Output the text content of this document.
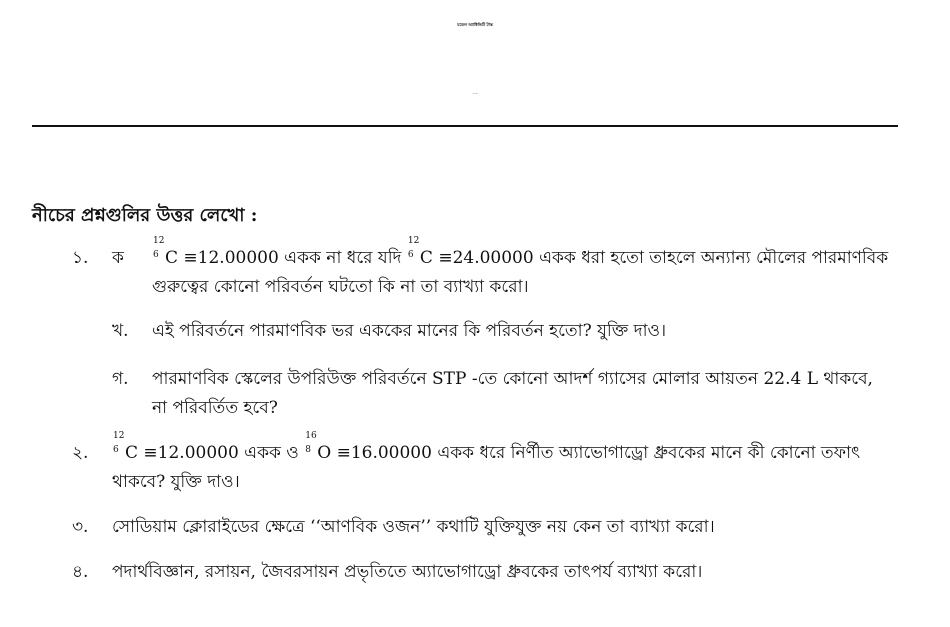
মডেল অ্যাক্টিভিটি টাস্ক
একাদশ শ্রেণি
নীচের প্রশ্নগুলির উত্তর লেখো :
১. ক
12
6 C ≡12.00000 একক না ধরে যদি
12
6 C ≡24.00000 একক ধরা হতো তাহলে অন্যান্য মৌলের পারমাণবিক
গুরুত্বের কোনো পরিবর্তন ঘটতো কি না তা ব্যাখ্যা করো।
খ. এই পরিবর্তনে পারমাণবিক ভর এককের মানের কি পরিবর্তন হতো? যুক্তি দাও।
গ. পারমাণবিক স্কেলের উপরিউক্ত পরিবর্তনে STP -তে কোনো আদর্শ গ্যাসের মোলার আয়তন 22.4 L থাকবে,
না পরিবর্তিত হবে?
২.
12
6 C ≡12.00000 একক ও
16
8 O ≡16.00000 একক ধরে নির্ণীত অ্যাভোগাড্রো ধ্রুবকের মানে কী কোনো তফাৎ
থাকবে? যুক্তি দাও।
৩. সোডিয়াম ক্লোরাইডের ক্ষেত্রে ‘‘আণবিক ওজন’’ কথাটি যুক্তিযুক্ত নয় কেন তা ব্যাখ্যা করো।
৪. পদার্থবিজ্ঞান, রসায়ন, জৈবরসায়ন প্রভৃতিতে অ্যাভোগাড্রো ধ্রুবকের তাৎপর্য ব্যাখ্যা করো।
